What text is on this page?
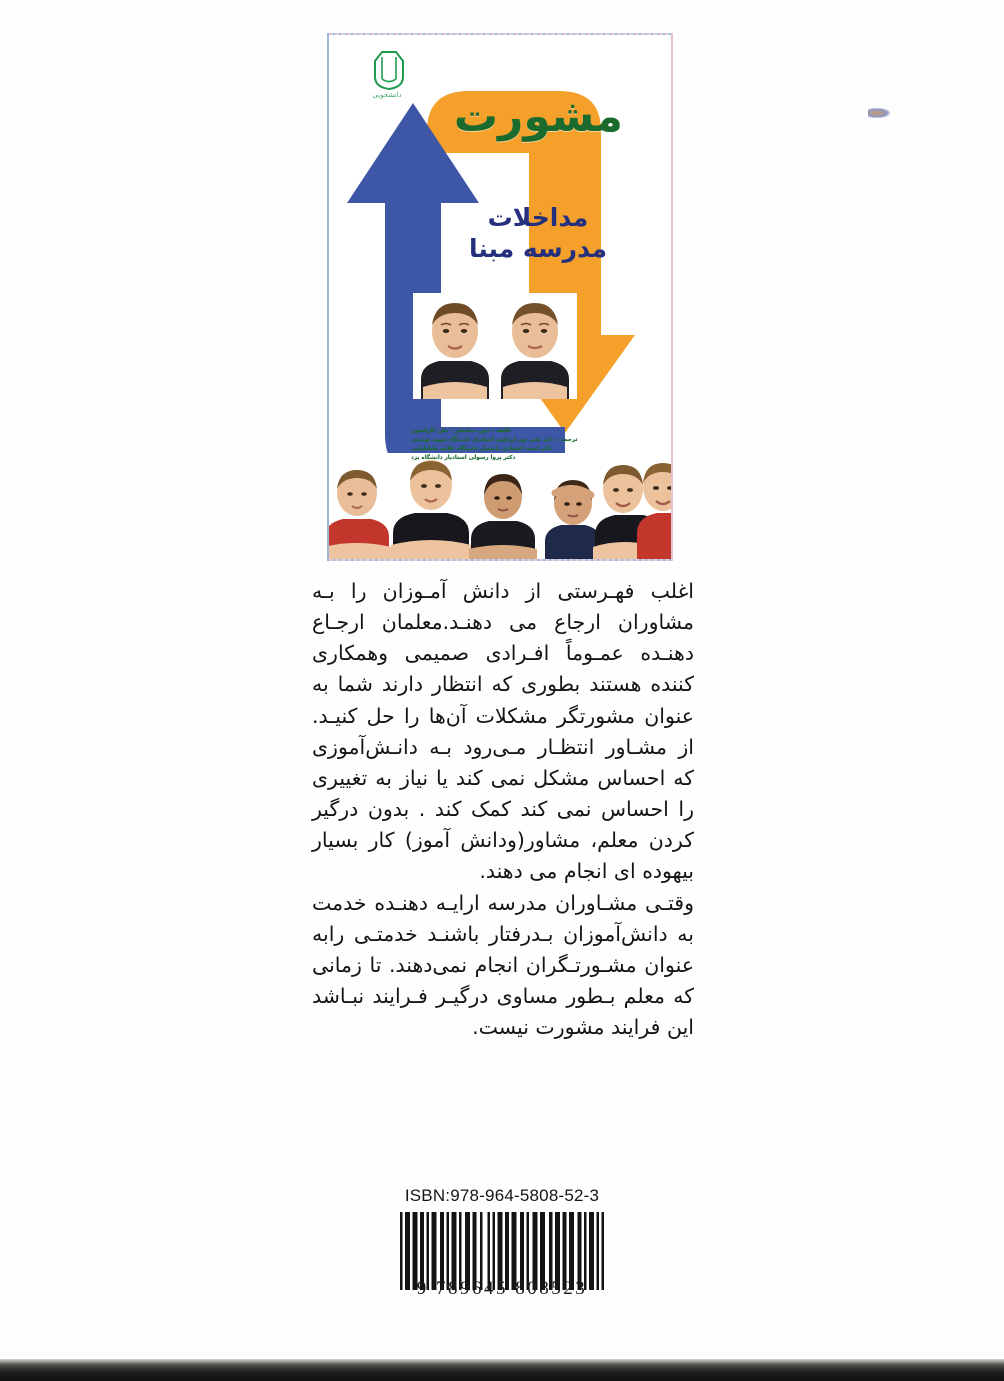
دانشجویی	مشورت
مداخلات
مدرسه مبنا
تالیف : دون دینکمایر - جان کارلسون
ترجمه : دکتر تقی پور ابراهیم استادیار دانشگاه شهید بهشتی
دکتر احمد اعتمادی دانشیار دانشگاه علامه طباطبایی
دکتر پروا رسولی استادیار دانشگاه یزد

اغلب فهـرستی از دانش آمـوزان را بـه مشاوران ارجاع می دهنـد.معلمان ارجـاع دهنـده عمـوماً افـرادی صمیمی وهمکاری کننده هستند بطوری که انتظار دارند شما به عنوان مشورتگر مشکلات آن‌ها را حل کنیـد. از مشـاور انتظـار مـی‌رود بـه دانـش‌آموزی که احساس مشکل نمی کند یا نیاز به تغییری را احساس نمی کند کمک کند . بدون درگیر کردن معلم، مشاور(ودانش آموز) کار بسیار بیهوده ای انجام می دهند.

وقتـی مشـاوران مدرسه ارایـه دهنـده خدمت به دانش‌آموزان بـدرفتار باشنـد خدمتـی رابه عنوان مشـورتـگران انجام نمی‌دهند. تا زمانی که معلم بـطور مساوی درگیـر فـرایند نبـاشد این فرایند مشورت نیست.

ISBN:978-964-5808-52-3
9 789645 808523
